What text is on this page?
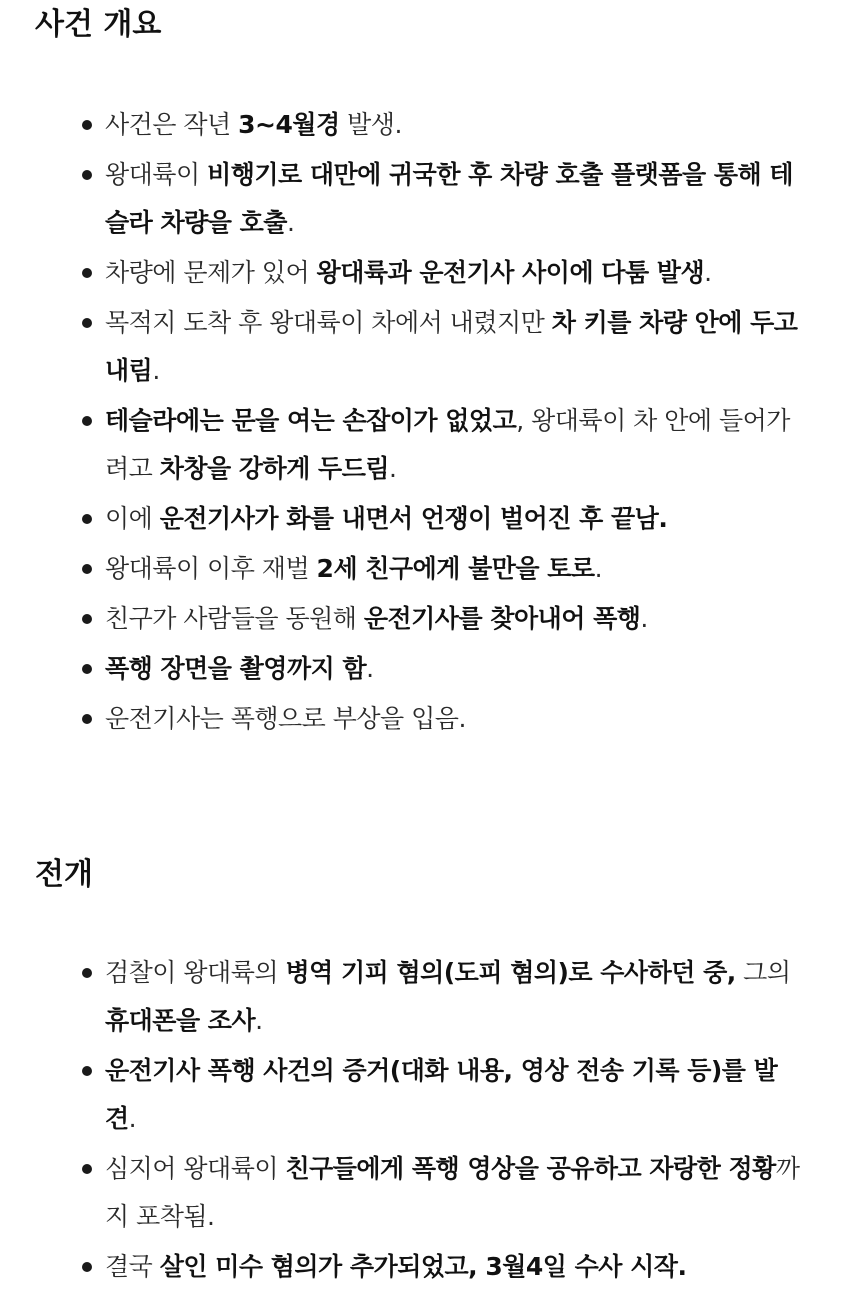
사건 개요
사건은 작년 3~4월경 발생.
왕대륙이 비행기로 대만에 귀국한 후 차량 호출 플랫폼을 통해 테슬라 차량을 호출.
차량에 문제가 있어 왕대륙과 운전기사 사이에 다툼 발생.
목적지 도착 후 왕대륙이 차에서 내렸지만 차 키를 차량 안에 두고 내림.
테슬라에는 문을 여는 손잡이가 없었고, 왕대륙이 차 안에 들어가려고 차창을 강하게 두드림.
이에 운전기사가 화를 내면서 언쟁이 벌어진 후 끝남.
왕대륙이 이후 재벌 2세 친구에게 불만을 토로.
친구가 사람들을 동원해 운전기사를 찾아내어 폭행.
폭행 장면을 촬영까지 함.
운전기사는 폭행으로 부상을 입음.
전개
검찰이 왕대륙의 병역 기피 혐의(도피 혐의)로 수사하던 중, 그의 휴대폰을 조사.
운전기사 폭행 사건의 증거(대화 내용, 영상 전송 기록 등)를 발견.
심지어 왕대륙이 친구들에게 폭행 영상을 공유하고 자랑한 정황까지 포착됨.
결국 살인 미수 혐의가 추가되었고, 3월4일 수사 시작.
